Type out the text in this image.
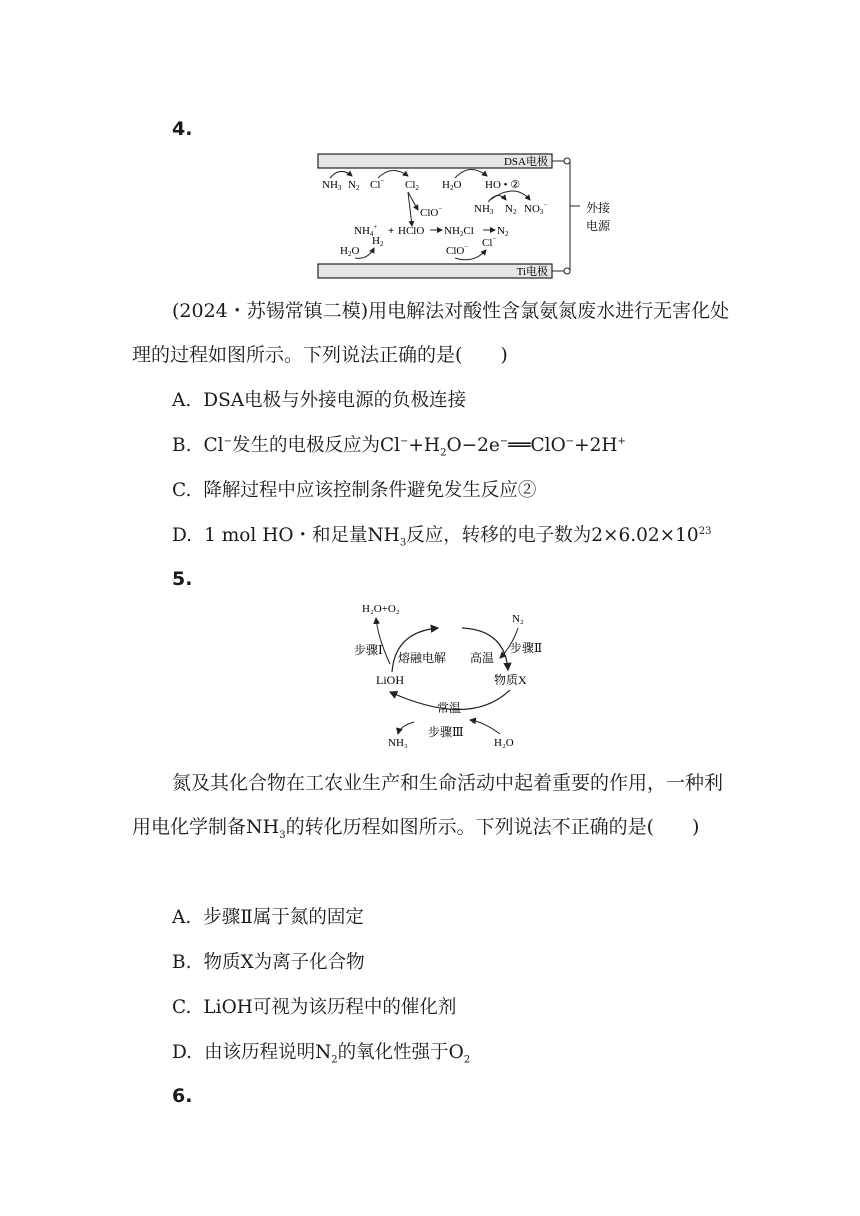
4.
DSA电极
Ti电极
外接
电源
NH3 N2 Cl− Cl2 H2O HO • ②
NH3 N2 NO3−
ClO−
NH4+ + HClO NH2Cl N2
H2O
H2
ClO− Cl−
(2024・苏锡常镇二模)用电解法对酸性含氯氨氮废水进行无害化处理的过程如图所示。下列说法正确的是(　　)
A. DSA电极与外接电源的负极连接
B. Cl−发生的电极反应为$Cl^-+H_2O-2e^-══ClO^-+2H^+$
C. 降解过程中应该控制条件避免发生反应②
D. 1 mol HO・和足量$NH_3$反应，转移的电子数为$2\times 6.02\times 10^{23}$
5.
H₂O+O₂
N₂
步骤Ⅰ	步骤Ⅱ
熔融电解 高温
LiOH	物质X
常温
步骤Ⅲ
NH₃	H₂O
氮及其化合物在工农业生产和生命活动中起着重要的作用，一种利用电化学制备$NH_3$的转化历程如图所示。下列说法不正确的是(　　)
A. 步骤Ⅱ属于氮的固定
B. 物质X为离子化合物
C. LiOH可视为该历程中的催化剂
D. 由该历程说明$N_2$的氧化性强于$O_2$
6.
